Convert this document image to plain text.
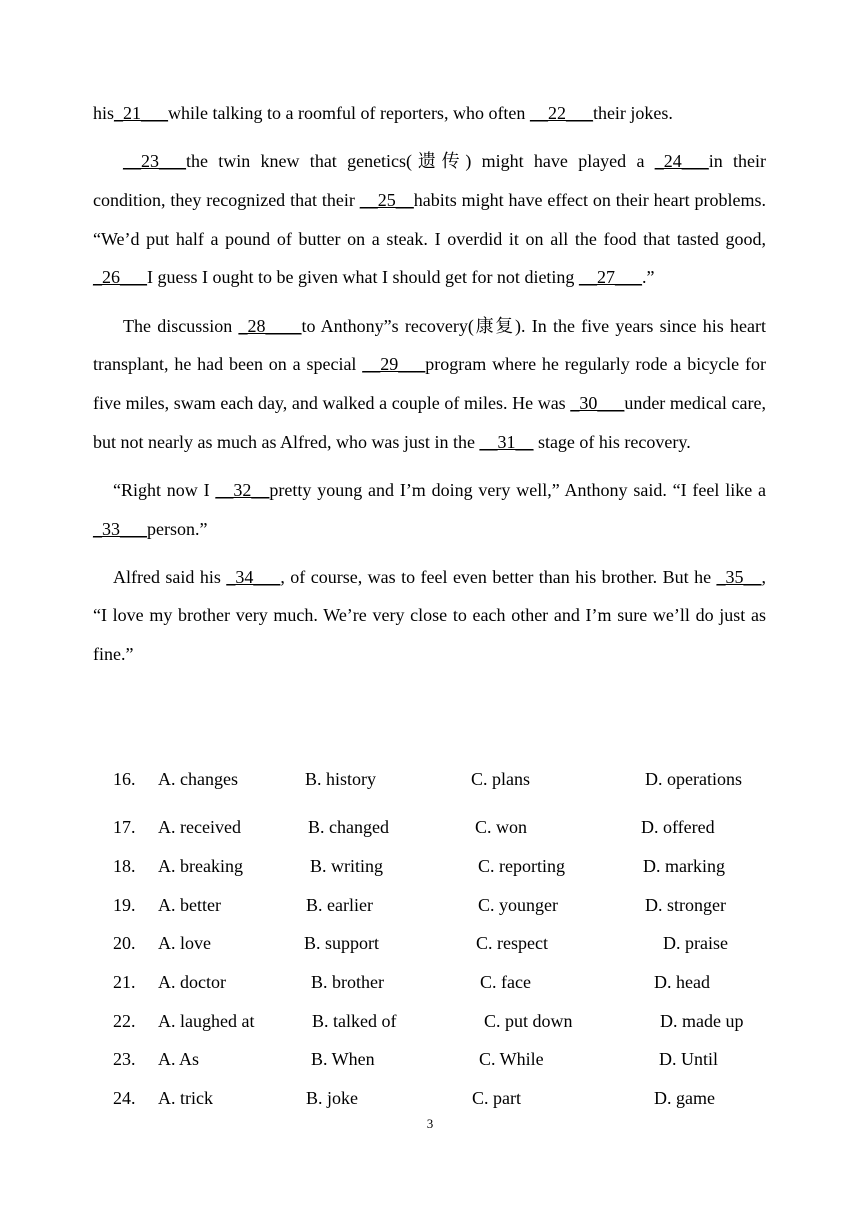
his_21___while talking to a roomful of reporters, who often __22___their jokes.

__23___the twin knew that genetics(遗传) might have played a _24___in their condition, they recognized that their __25__habits might have effect on their heart problems. “We’d put half a pound of butter on a steak. I overdid it on all the food that tasted good, _26___I guess I ought to be given what I should get for not dieting __27___.”

The discussion _28____to Anthony”s recovery(康复). In the five years since his heart transplant, he had been on a special __29___program where he regularly rode a bicycle for five miles, swam each day, and walked a couple of miles. He was _30___under medical care, but not nearly as much as Alfred, who was just in the __31__ stage of his recovery.

“Right now I __32__pretty young and I’m doing very well,” Anthony said. “I feel like a _33___person.”

Alfred said his _34___, of course, was to feel even better than his brother. But he _35__, “I love my brother very much. We’re very close to each other and I’m sure we’ll do just as fine.”

16. A. changes	B. history	C. plans	D. operations
17. A. received	B. changed	C. won	D. offered
18. A. breaking	B. writing	C. reporting	D. marking
19. A. better	B. earlier	C. younger	D. stronger
20. A. love	B. support	C. respect	D. praise
21. A. doctor	B. brother	C. face	D. head
22. A. laughed at	B. talked of	C. put down	D. made up
23. A. As	B. When	C. While	D. Until
24. A. trick	B. joke	C. part	D. game
3
